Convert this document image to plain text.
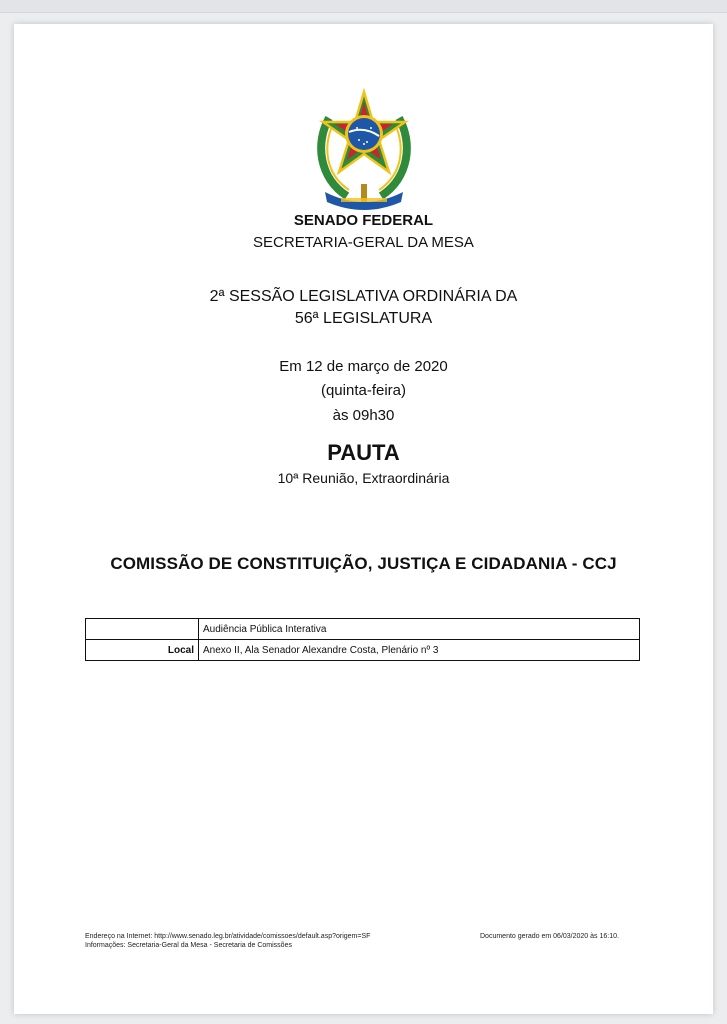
SENADO FEDERAL
SECRETARIA-GERAL DA MESA
2ª SESSÃO LEGISLATIVA ORDINÁRIA DA
56ª LEGISLATURA
Em 12 de março de 2020
(quinta-feira)
às 09h30
PAUTA
10ª Reunião, Extraordinária
COMISSÃO DE CONSTITUIÇÃO, JUSTIÇA E CIDADANIA - CCJ
	Audiência Pública Interativa
Local	Anexo II, Ala Senador Alexandre Costa, Plenário nº 3
Endereço na Internet: http://www.senado.leg.br/atividade/comissoes/default.asp?origem=SF
Informações: Secretaria-Geral da Mesa - Secretaria de Comissões
Documento gerado em 06/03/2020 às 16:10.
